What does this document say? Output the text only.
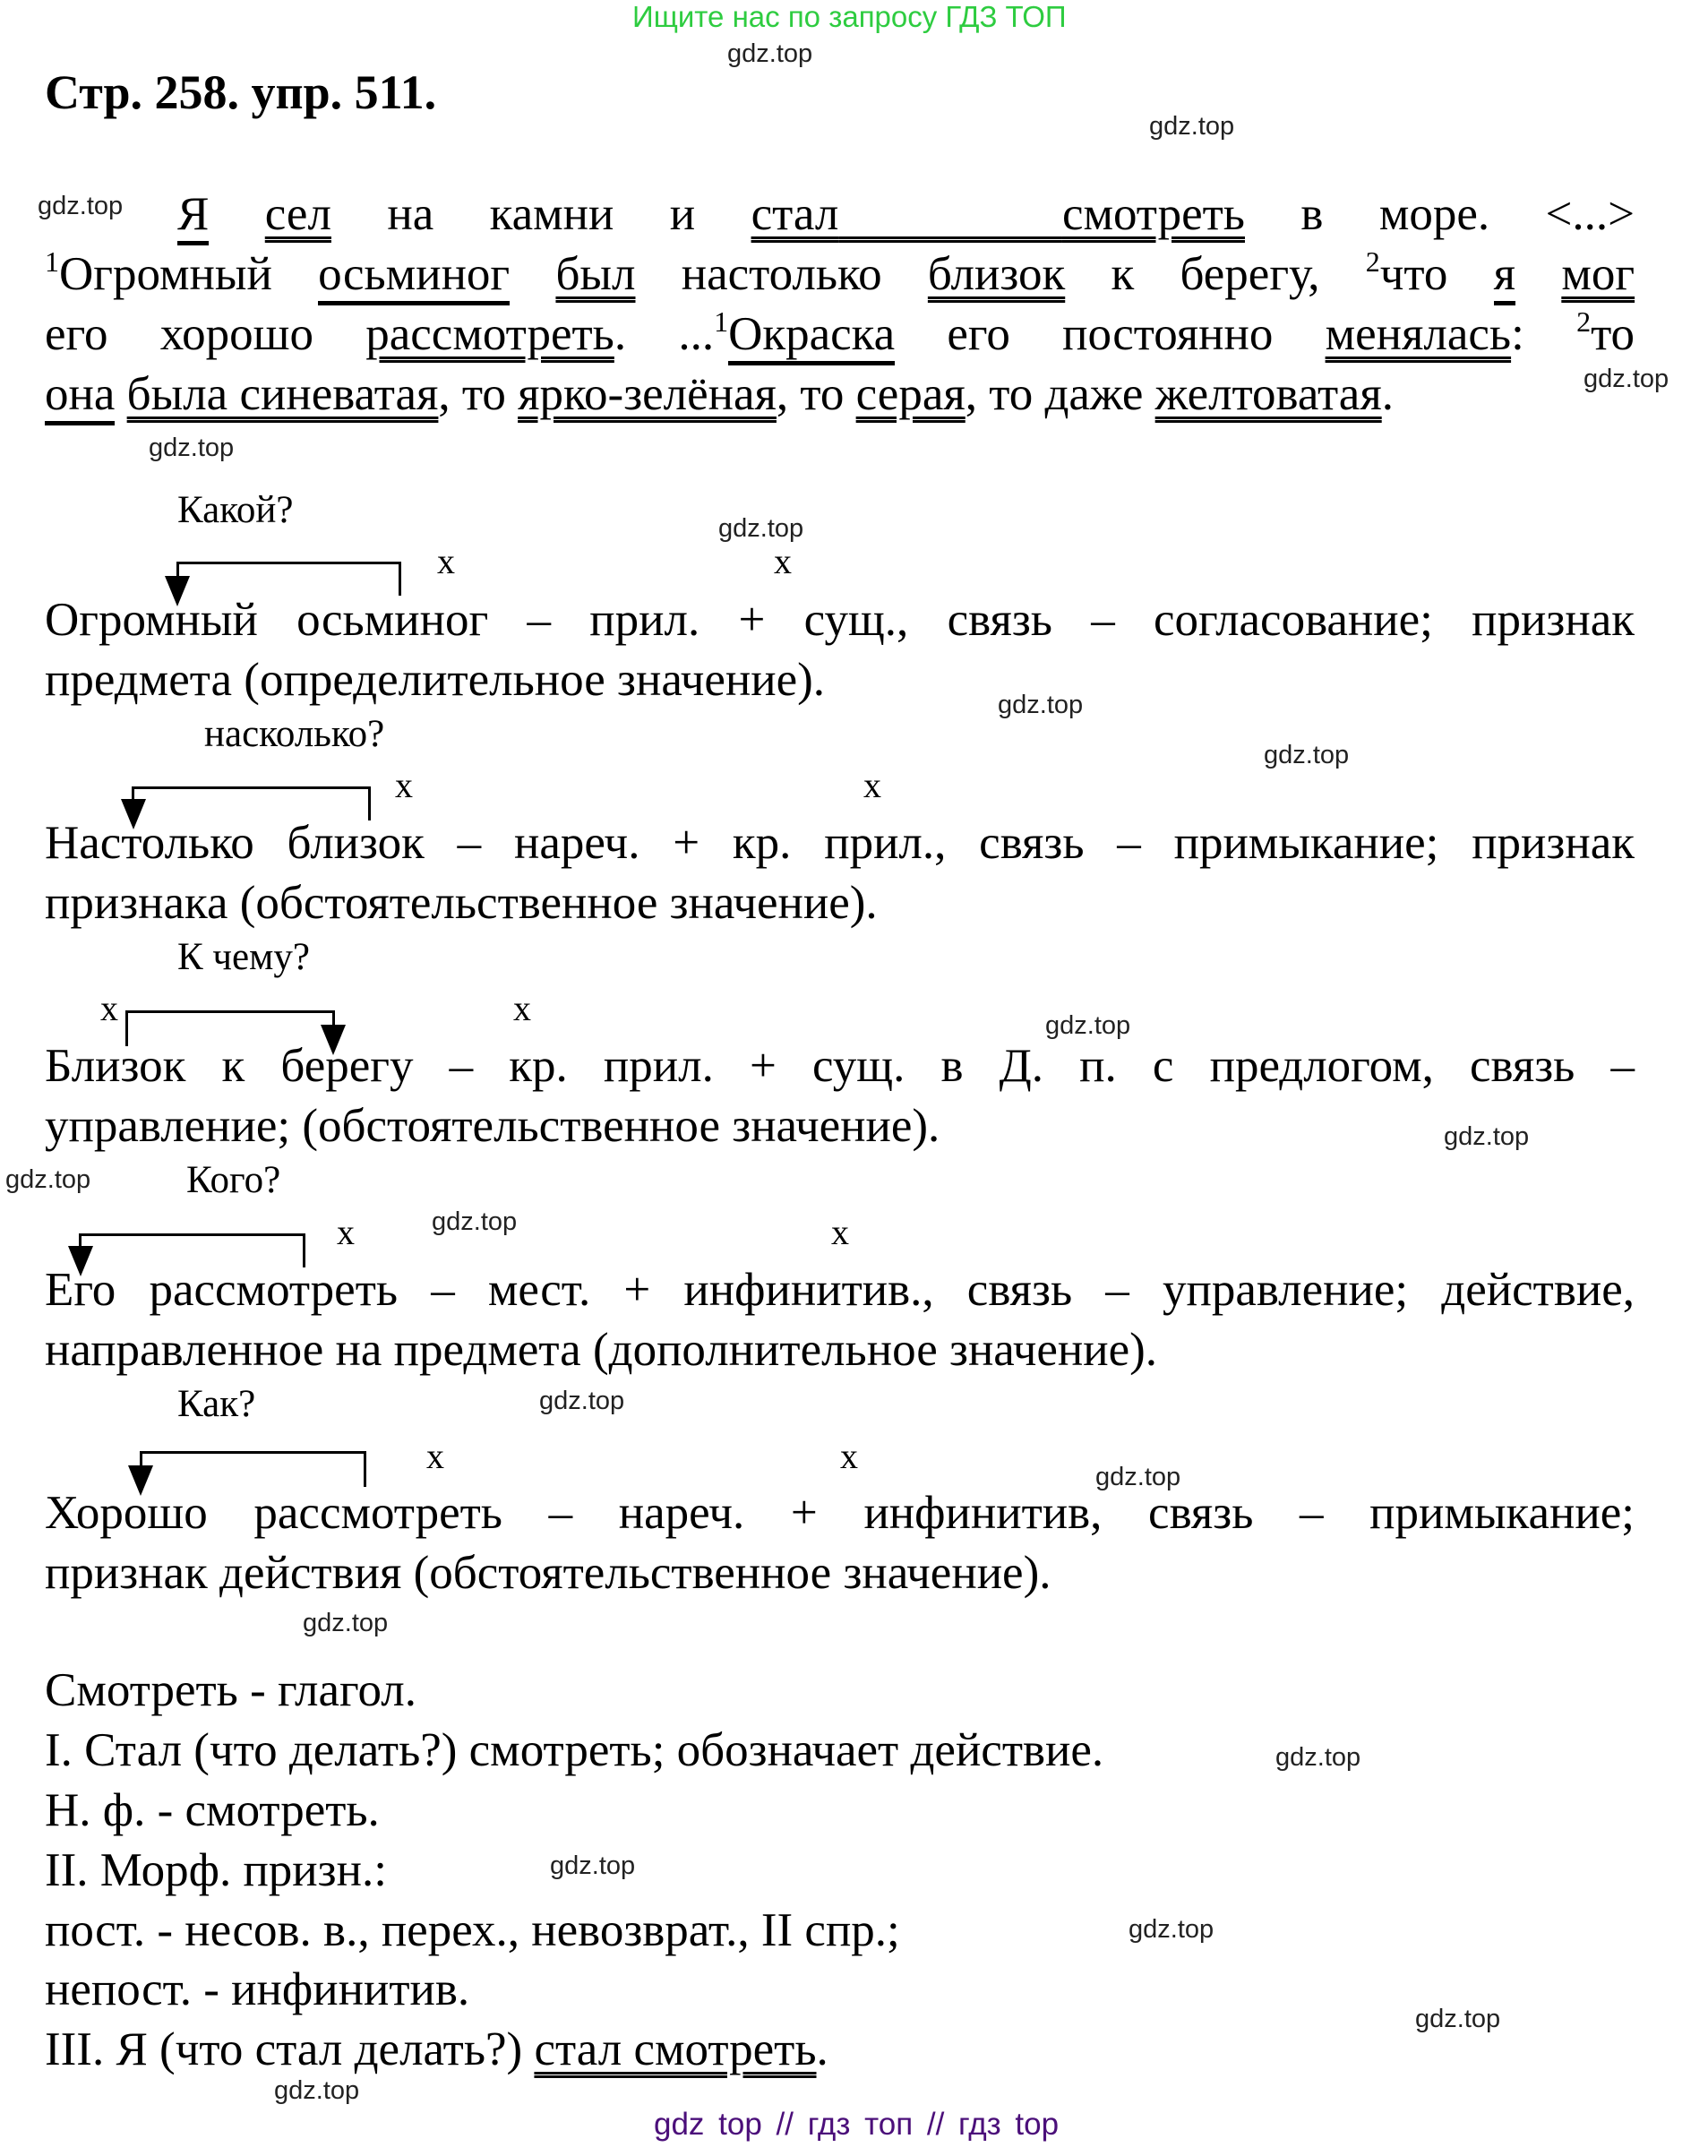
Ищите нас по запросу ГДЗ ТОП
Стр. 258. упр. 511.
gdz.top
gdz.top
gdz.top
gdz.top
gdz.top
gdz.top
gdz.top
gdz.top
gdz.top
gdz.top
gdz.top
gdz.top
gdz.top
gdz.top
gdz.top
gdz.top
gdz.top
gdz.top
gdz.top
gdz.top
Я сел на камни и стал	смотреть в море. <...>
$^1$Огромный осьминог был настолько близок к берегу, $^2$что я мог
его хорошо рассмотреть. ...$^1$Окраска его постоянно менялась: $^2$то
она была синеватая, то ярко-зелёная, то серая, то даже желтоватая.
Какой?
x	x
Огромный осьминог – прил. + сущ., связь – согласование; признак
предмета (определительное значение).
насколько?
x	x
Настолько близок – нареч. + кр. прил., связь – примыкание; признак
признака (обстоятельственное значение).
К чему?
x	x
Близок к берегу – кр. прил. + сущ. в Д. п. с предлогом, связь –
управление; (обстоятельственное значение).
Кого?
x	x
Его рассмотреть – мест. + инфинитив., связь – управление; действие,
направленное на предмета (дополнительное значение).
Как?
x	x
Хорошо рассмотреть – нареч. + инфинитив, связь – примыкание;
признак действия (обстоятельственное значение).
Смотреть - глагол.
I. Стал (что делать?) смотреть; обозначает действие.
Н. ф. - смотреть.
II. Морф. призн.:
пост. - несов. в., перех., невозврат., II спр.;
непост. - инфинитив.
III. Я (что стал делать?) стал смотреть.
gdz top // гдз топ // гдз top
